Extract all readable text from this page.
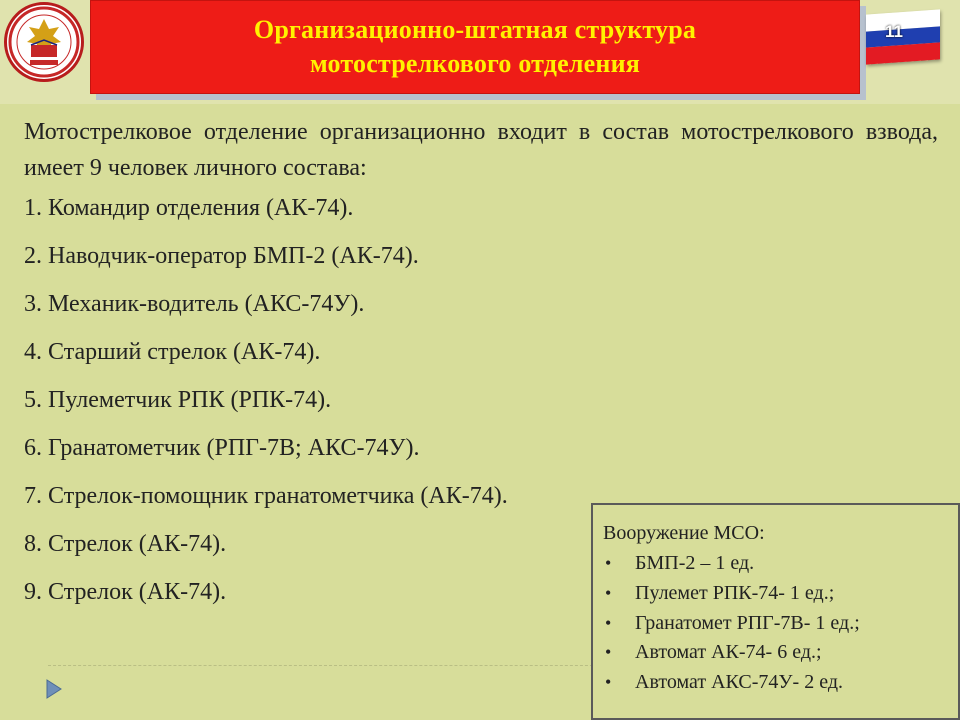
Организационно-штатная структура
мотострелкового отделения
11

Мотострелковое отделение организационно входит в состав мотострелкового взвода, имеет 9 человек личного состава:

1. Командир отделения (АК-74).
2. Наводчик-оператор БМП-2 (АК-74).
3. Механик-водитель (АКС-74У).
4. Старший стрелок (АК-74).
5. Пулеметчик РПК (РПК-74).
6. Гранатометчик (РПГ-7В; АКС-74У).
7. Стрелок-помощник гранатометчика (АК-74).
8. Стрелок (АК-74).
9. Стрелок (АК-74).
Вооружение МСО:
• БМП-2 – 1 ед.
• Пулемет РПК-74- 1 ед.;
• Гранатомет РПГ-7В- 1 ед.;
• Автомат АК-74- 6 ед.;
• Автомат АКС-74У- 2 ед.
